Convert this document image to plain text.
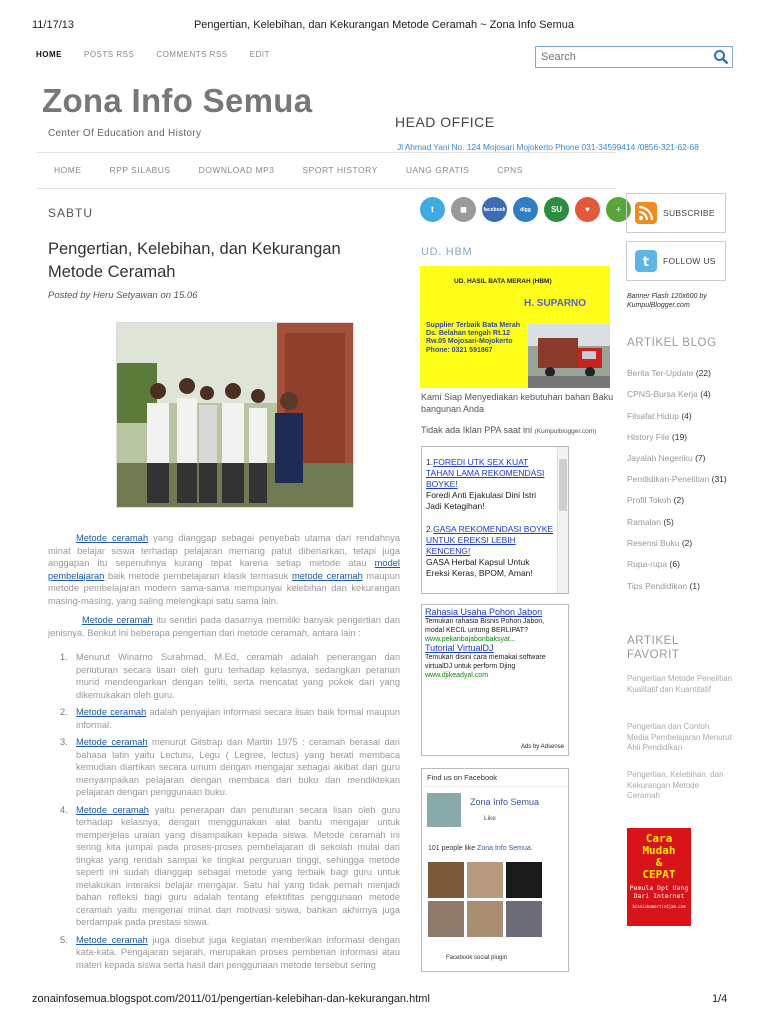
11/17/13	Pengertian, Kelebihan, dan Kekurangan Metode Ceramah ~ Zona Info Semua
HOME	POSTS RSS	COMMENTS RSS	EDIT
Search
Zona Info Semua
Center Of Education and History
HEAD OFFICE
Jl Ahmad Yani No. 124 Mojosari Mojokerto Phone 031-34599414 /0856-321-62-68
HOME	RPP SILABUS	DOWNLOAD MP3	SPORT HISTORY	UANG GRATIS	CPNS
SABTU
Pengertian, Kelebihan, dan Kekurangan Metode Ceramah
Posted by Heru Setyawan on 15.06
Metode ceramah yang dianggap sebagai penyebab utama dari rendahnya minat belajar siswa terhadap pelajaran memang patut dibenarkan, tetapi juga anggapan itu sepenuhnya kurang tepat karena setiap metode atau model pembelajaran baik metode pembelajaran klasik termasuk metode ceramah maupun metode pembelajaran modern sama-sama mempunyai kelebihan dan kekurangan masing-masing, yang saling melengkapi satu sama lain.
Metode ceramah itu sendiri pada dasarnya memiliki banyak pengertian dan jenisnya. Berikut ini beberapa pengertian dari metode ceramah, antara lain :
1. Menurut Winarno Surahmad, M.Ed, ceramah adalah penerangan dan penuturan secara lisan oleh guru terhadap kelasnya, sedangkan peranan murid mendengarkan dengan teliti, serta mencatat yang pokok dari yang dikemukakan oleh guru.
2. Metode ceramah adalah penyajian informasi secara lisan baik formal maupun informal.
3. Metode ceramah menurut Gilstrap dan Martin 1975 : ceramah berasal dari bahasa latin yaitu Lecturu, Legu ( Legree, lectus) yang berati membaca kemudian diartikan secara umum dengan mengajar sebagai akibat dari guru menyampaikan pelajaran dengan membaca dari buku dan mendiktekan pelajaran dengan penggunaan buku.
4. Metode ceramah yaitu penerapan dan penuturan secara lisan oleh guru terhadap kelasnya, dengan menggunakan alat bantu mengajar untuk memperjelas uraian yang disampaikan kepada siswa. Metode ceramah ini sering kita jumpai pada proses-proses pembelajaran di sekolah mulai dari tingkat yang rendah sampai ke tingkat perguruan tinggi, sehingga metode seperti ini sudah dianggap sebagai metode yang terbaik bagi guru untuk melakukan interaksi belajar mengajar. Satu hal yang tidak pernah menjadi bahan refleksi bagi guru adalah tentang efektifitas penggunaan metode ceramah yaitu mengenai minat dan motivasi siswa, bahkan akhirnya juga berdampak pada prestasi siswa.
5. Metode ceramah juga disebut juga kegiatan memberikan informasi dengan kata-kata. Pengajaran sejarah, merupakan proses pemberian informasi atau materi kepada siswa serta hasil dari penggunaan metode tersebut sering
t	◼	facebook	digg	SU	♥	+
UD. HBM
UD. HASIL BATA MERAH (HBM)
H. SUPARNO
Supplier Terbaik Bata Merah Ds. Belahan tengah Rt.12 Rw.05 Mojosari-Mojokerto Phone: 0321 591867
Kami Siap Menyediakan kebutuhan bahan Baku bangunan Anda
Tidak ada Iklan PPA saat ini (Kumpulblogger.com)
1.FOREDI UTK SEX KUAT TAHAN LAMA REKOMENDASI BOYKE!
Foredi Anti Ejakulasi Dini Istri Jadi Ketagihan!
2.GASA REKOMENDASI BOYKE UNTUK EREKSI LEBIH KENCENG!
GASA Herbal Kapsul Untuk Ereksi Keras, BPOM, Aman!
Rahasia Usaha Pohon Jabon
Temukan rahasia Bisnis Pohon Jabon, modal KECIL untung BERLIPAT?
www.pekanbajabonbaksyat...
Tutorial VirtualDJ
Temukan disini cara memakai software virtualDJ untuk perform Djing
www.djikeadyal.com
Ads by Adsense
Find us on Facebook
Zona Info Semua
Like
101 people like Zona Info Semua.
Facebook social plugin
SUBSCRIBE
t FOLLOW US
Banner Flash 120x600 by KumpulBlogger.com
ARTIKEL BLOG
Berita Ter-Update (22)
CPNS-Bursa Kerja (4)
Filsafat Hidup (4)
History File (19)
Jayalah Negeriku (7)
Pendidikan-Penelitian (31)
Profil Tokoh (2)
Ramalan (5)
Resensi Buku (2)
Rupa-rupa (6)
Tips Pendidikan (1)
ARTIKEL FAVORIT
Pengertian Metode Penelitian Kualitatif dan Kuantitatif
Pengertian dan Contoh Media Pembelajaran Menurut Ahli Pendidikan
Pengertian, Kelebihan, dan Kekurangan Metode Ceramah
Cara Mudah
&
CEPAT
Pemula Dpt Uang Dari Internet
bisnisbamortiz4jam.com
zonainfosemua.blogspot.com/2011/01/pengertian-kelebihan-dan-kekurangan.html	1/4
